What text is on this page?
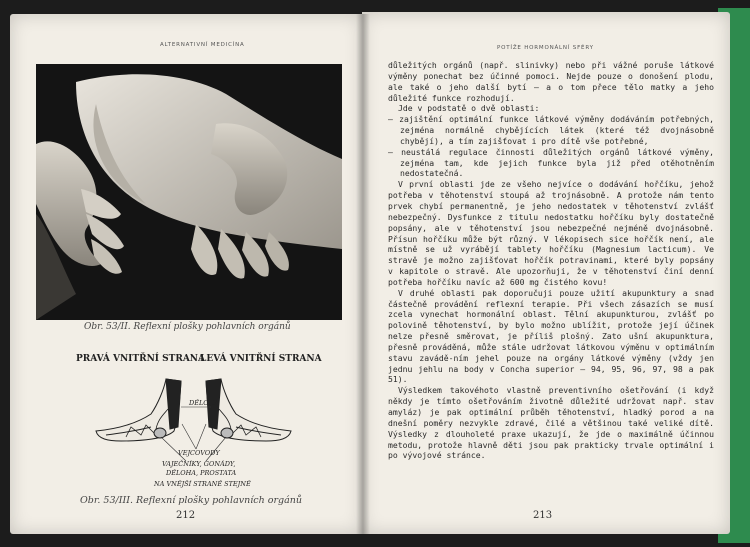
ALTERNATIVNÍ MEDICÍNA
Obr. 53/II. Reflexní plošky pohlavních orgánů
PRAVÁ VNITŘNÍ STRANA
LEVÁ VNITŘNÍ STRANA
DĚLOHA
VEJCOVODY
VAJEČNÍKY, GONÁDY,
DĚLOHA, PROSTATA
NA VNĚJŠÍ STRANĚ STEJNĚ
Obr. 53/III. Reflexní plošky pohlavních orgánů
212
POTÍŽE HORMONÁLNÍ SFÉRY

důležitých orgánů (např. slinivky) nebo při vážné poruše látkové výměny ponechat bez účinné pomoci. Nejde pouze o donošení plodu, ale také o jeho další bytí — a o tom přece tělo matky a jeho důležité funkce rozhodují.

Jde v podstatě o dvě oblasti:

— zajištění optimální funkce látkové výměny dodáváním potřebných, zejména normálně chybějících látek (které též dvojnásobně chybějí), a tím zajišťovat i pro dítě vše potřebné,

— neustálá regulace činnosti důležitých orgánů látkové výměny, zejména tam, kde jejich funkce byla již před otěhotněním nedostatečná.

V první oblasti jde ze všeho nejvíce o dodávání hořčíku, jehož potřeba v těhotenství stoupá až trojnásobně. A protože nám tento prvek chybí permanentně, je jeho nedostatek v těhotenství zvlášť nebezpečný. Dysfunkce z titulu nedostatku hořčíku byly dostatečně popsány, ale v těhotenství jsou nebezpečné nejméně dvojnásobně. Přísun hořčíku může být různý. V lékopisech sice hořčík není, ale místně se už vyrábějí tablety hořčíku (Magnesium lacticum). Ve stravě je možno zajišťovat hořčík potravinami, které byly popsány v kapitole o stravě. Ale upozorňuji, že v těhotenství činí denní potřeba hořčíku navíc až 600 mg čistého kovu!

V druhé oblasti pak doporučuji pouze užití akupunktury a snad částečně provádění reflexní terapie. Při všech zásazích se musí zcela vynechat hormonální oblast. Tělní akupunkturou, zvlášť po polovině těhotenství, by bylo možno ublížit, protože její účinek nelze přesně směrovat, je příliš plošný. Zato ušní akupunktura, přesně prováděná, může stále udržovat látkovou výměnu v optimálním stavu zavádě-ním jehel pouze na orgány látkové výměny (vždy jen jednu jehlu na body v Concha superior — 94, 95, 96, 97, 98 a pak 51).

Výsledkem takovéhoto vlastně preventivního ošetřování (i když někdy je tímto ošetřováním životně důležité udržovat např. stav amyláz) je pak optimální průběh těhotenství, hladký porod a na dnešní poměry nezvykle zdravé, čilé a většinou také veliké dítě. Výsledky z dlouholeté praxe ukazují, že jde o maximálně účinnou metodu, protože hlavně děti jsou pak prakticky trvale optimální i po vývojové stránce.

213
